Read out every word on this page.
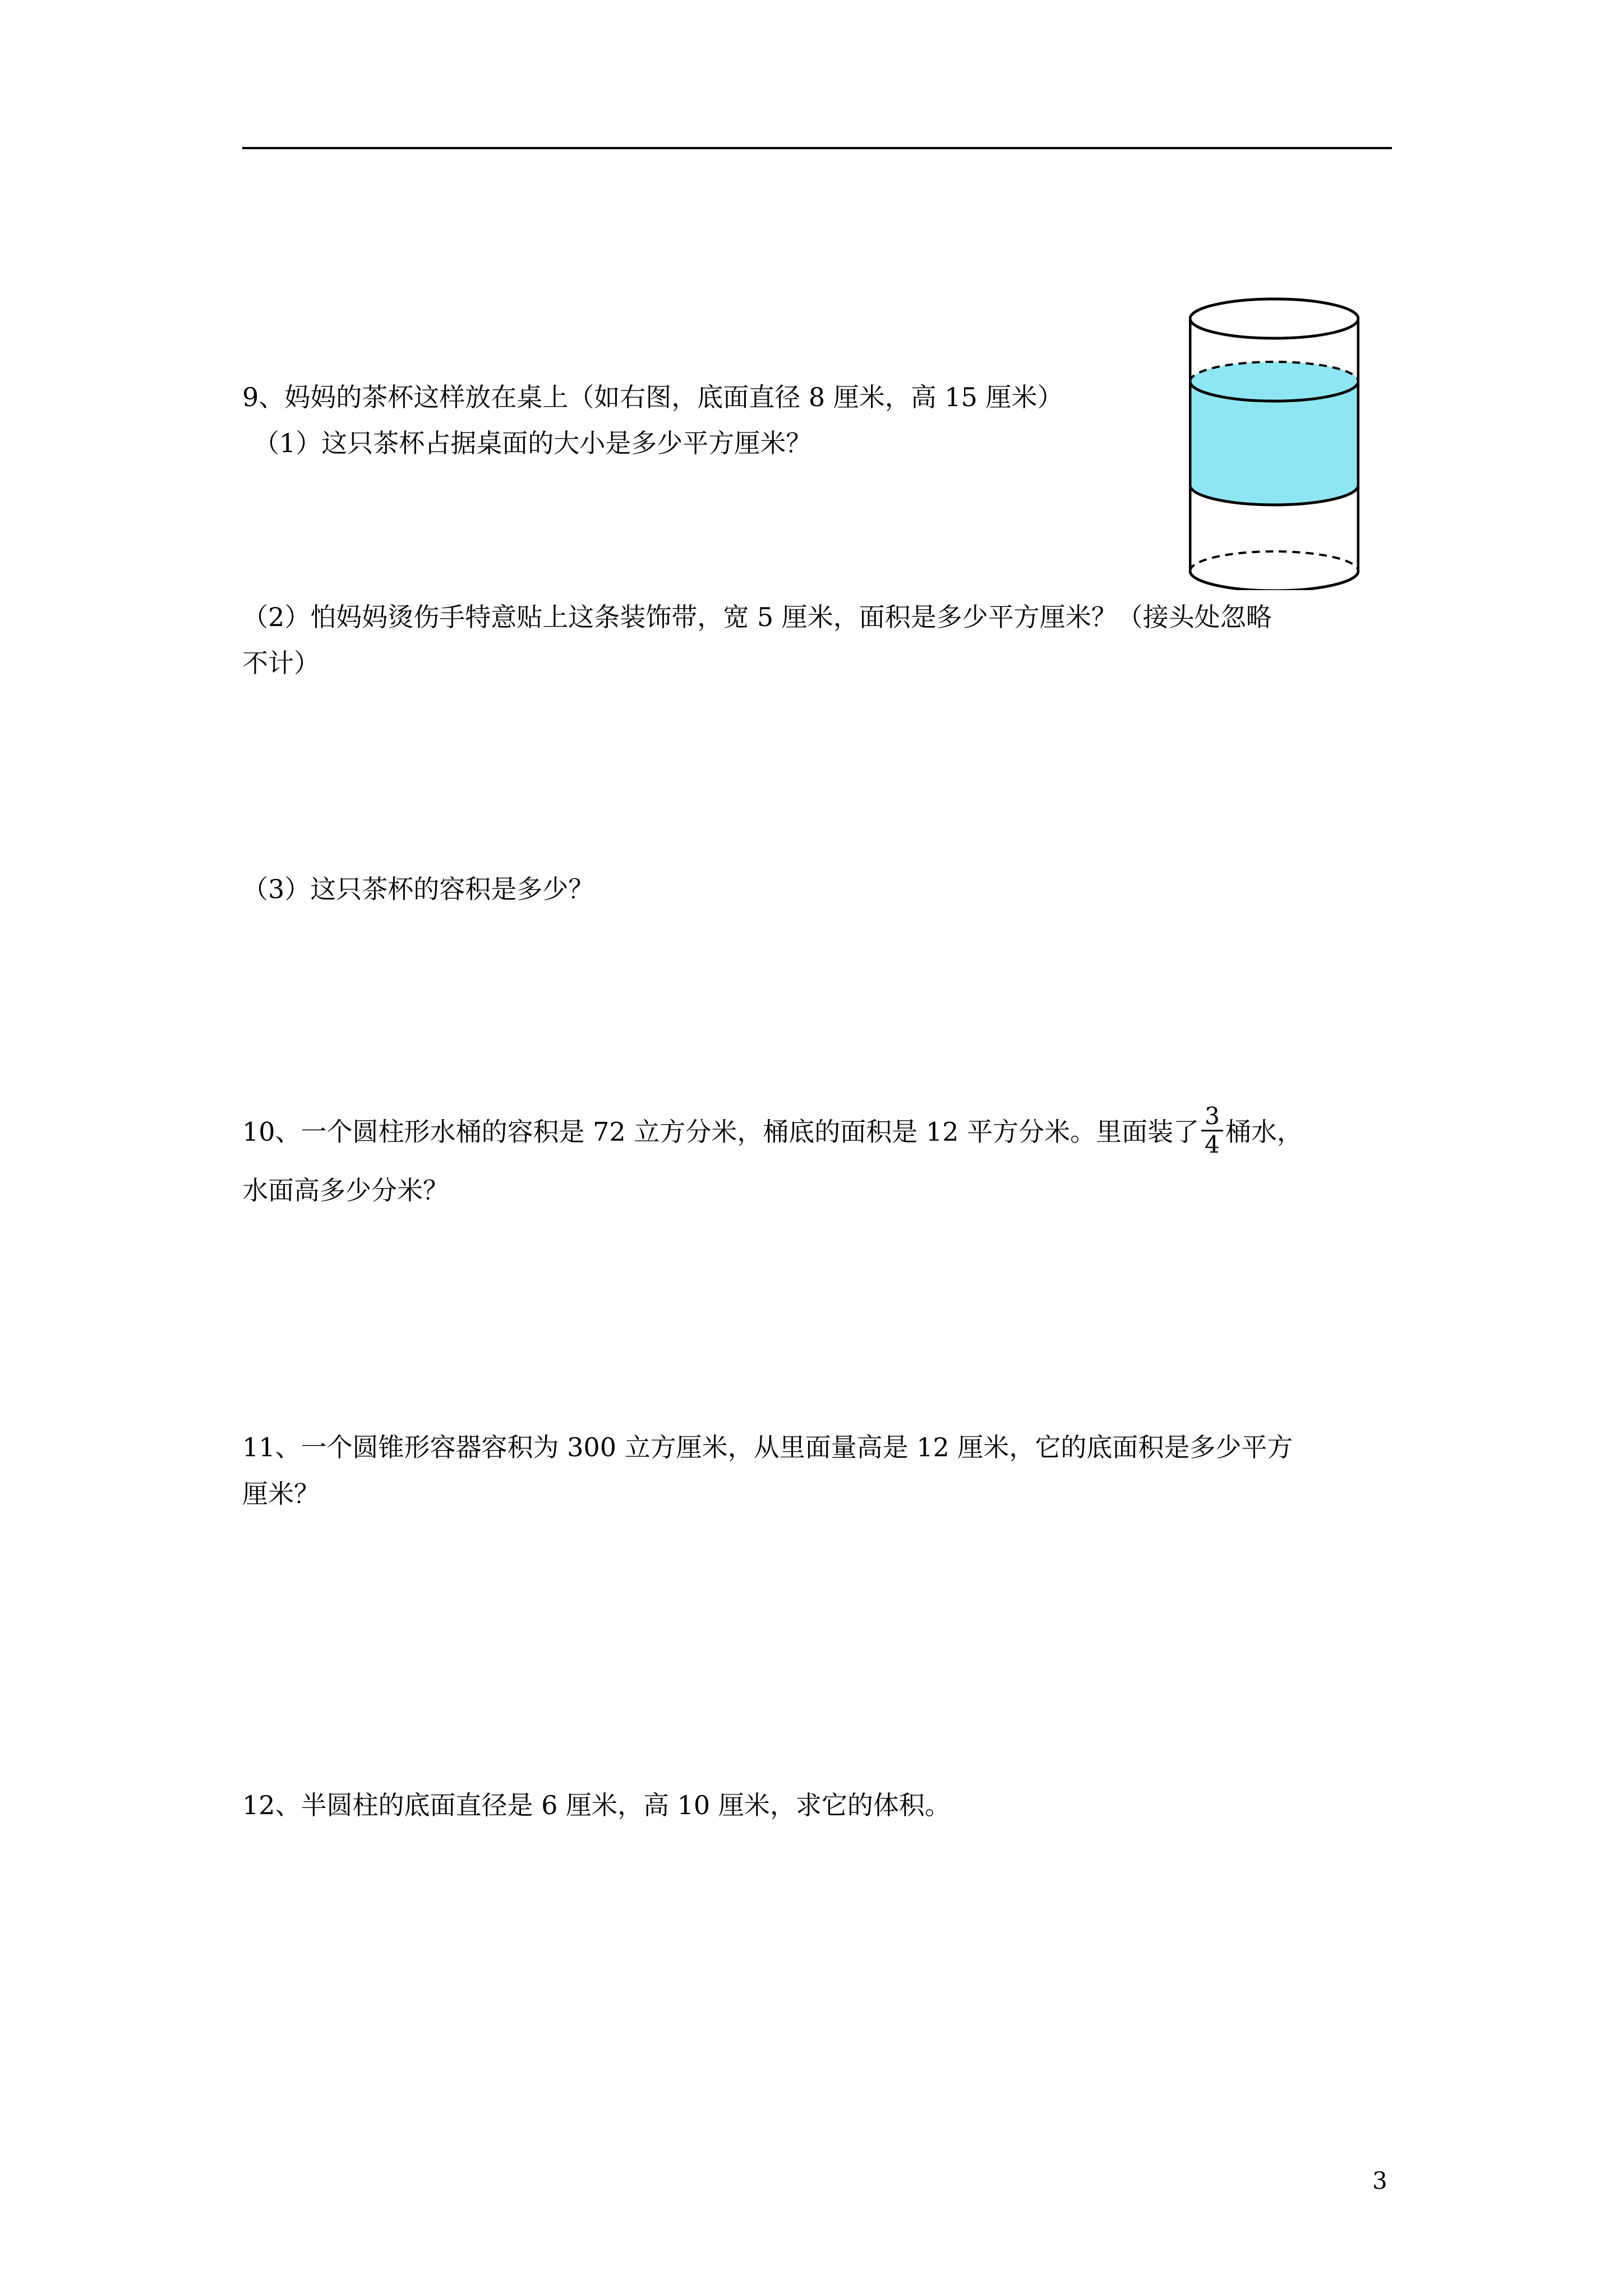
9、妈妈的茶杯这样放在桌上（如右图，底面直径 8 厘米，高 15 厘米）
（1）这只茶杯占据桌面的大小是多少平方厘米？
（2）怕妈妈烫伤手特意贴上这条装饰带，宽 5 厘米，面积是多少平方厘米？（接头处忽略
不计）
（3）这只茶杯的容积是多少？
10、一个圆柱形水桶的容积是 72 立方分米，桶底的面积是 12 平方分米。里面装了 $\frac{3}{4}$ 桶水，
水面高多少分米？
11、一个圆锥形容器容积为 300 立方厘米，从里面量高是 12 厘米，它的底面积是多少平方
厘米？
12、半圆柱的底面直径是 6 厘米，高 10 厘米，求它的体积。
3
